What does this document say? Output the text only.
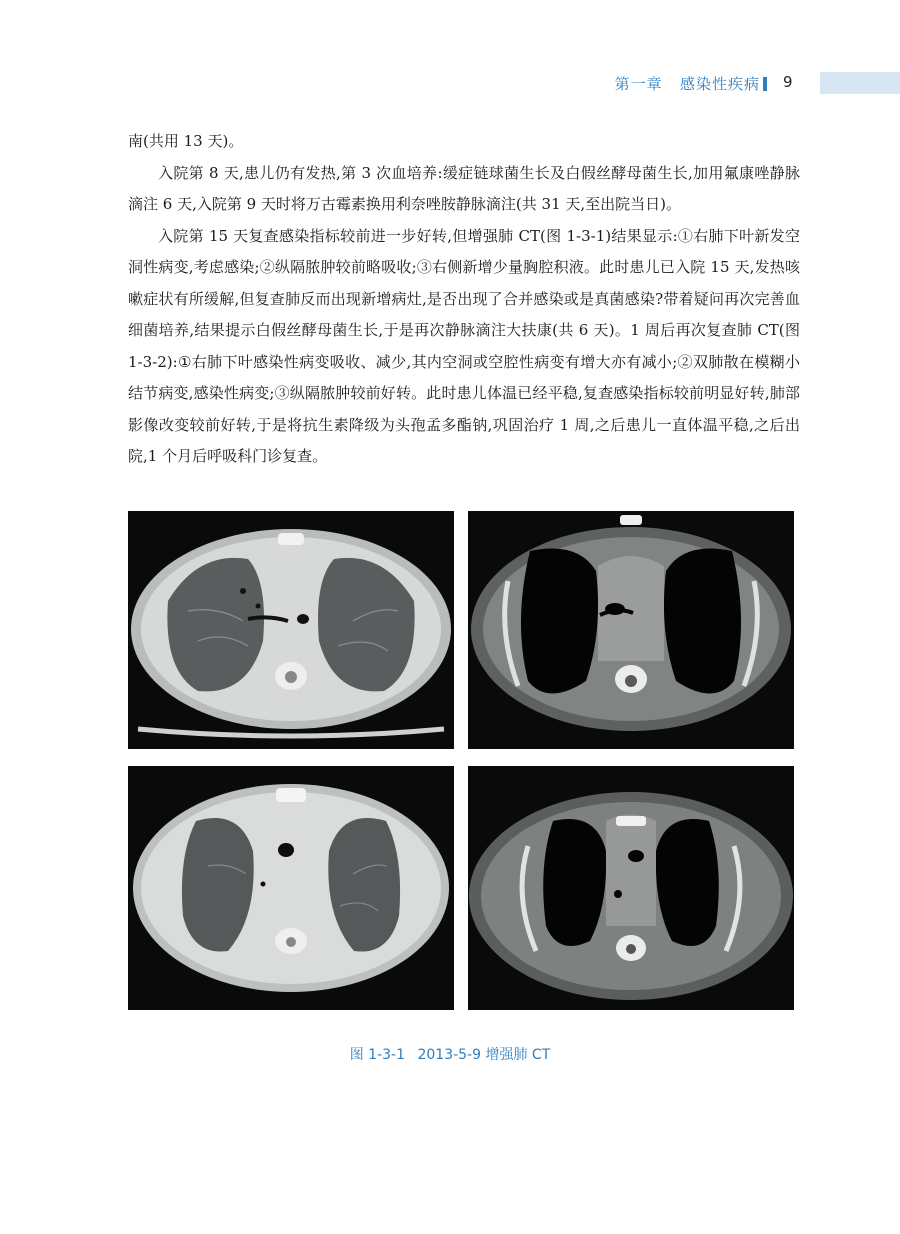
第一章 感染性疾病 9

南(共用 13 天)。

入院第 8 天,患儿仍有发热,第 3 次血培养:缓症链球菌生长及白假丝酵母菌生长,加用氟康唑静脉滴注 6 天,入院第 9 天时将万古霉素换用利奈唑胺静脉滴注(共 31 天,至出院当日)。

入院第 15 天复查感染指标较前进一步好转,但增强肺 CT(图 1-3-1)结果显示:①右肺下叶新发空洞性病变,考虑感染;②纵隔脓肿较前略吸收;③右侧新增少量胸腔积液。此时患儿已入院 15 天,发热咳嗽症状有所缓解,但复查肺反而出现新增病灶,是否出现了合并感染或是真菌感染?带着疑问再次完善血细菌培养,结果提示白假丝酵母菌生长,于是再次静脉滴注大扶康(共 6 天)。1 周后再次复查肺 CT(图 1-3-2):①右肺下叶感染性病变吸收、减少,其内空洞或空腔性病变有增大亦有减小;②双肺散在模糊小结节病变,感染性病变;③纵隔脓肿较前好转。此时患儿体温已经平稳,复查感染指标较前明显好转,肺部影像改变较前好转,于是将抗生素降级为头孢孟多酯钠,巩固治疗 1 周,之后患儿一直体温平稳,之后出院,1 个月后呼吸科门诊复查。

图 1-3-1 2013-5-9 增强肺 CT
